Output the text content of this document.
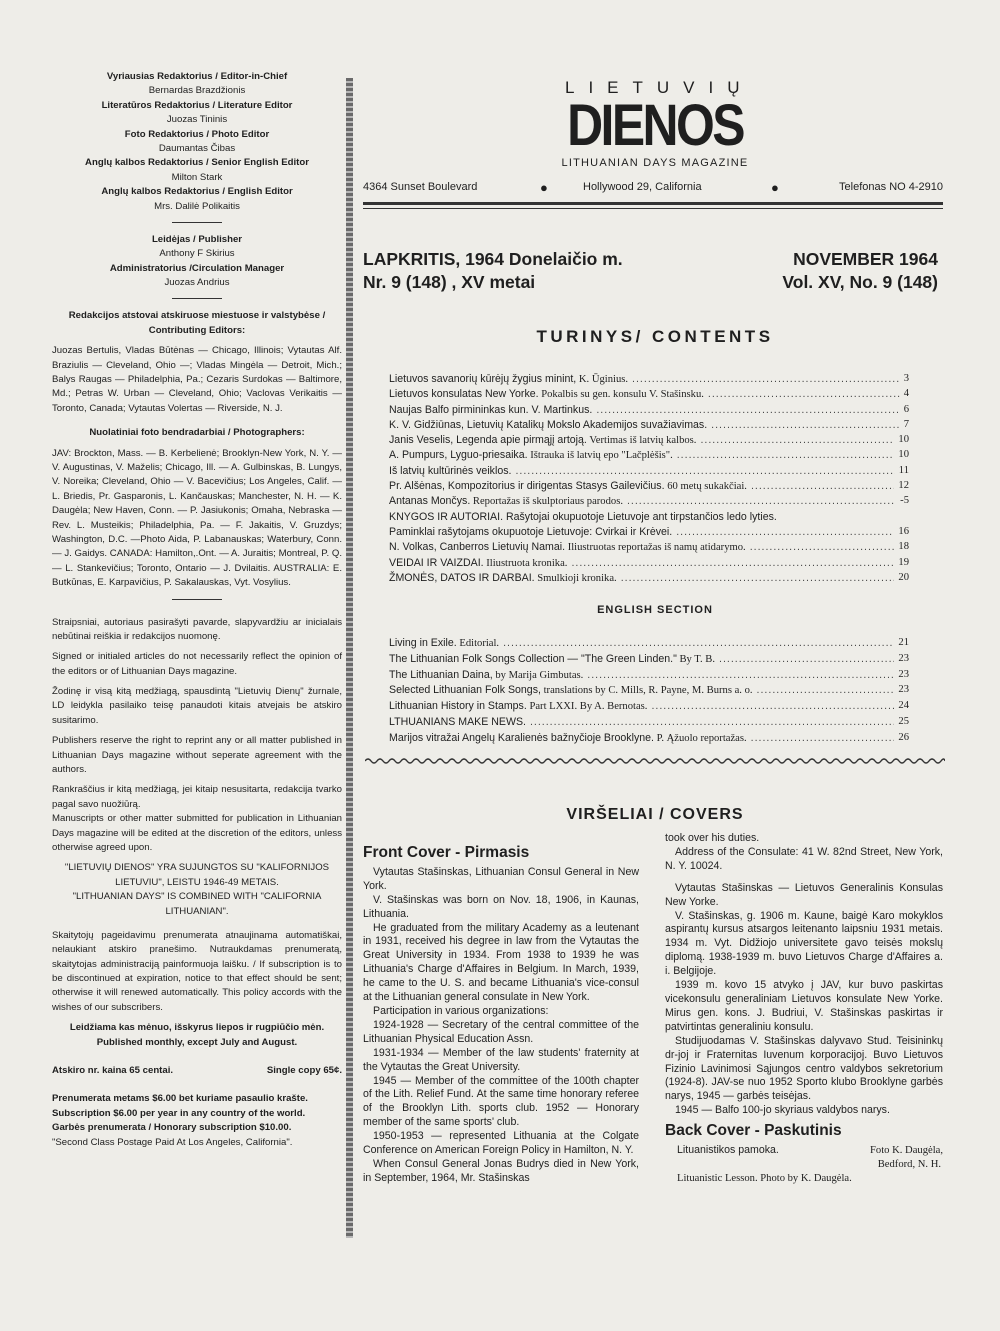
Vyriausias Redaktorius / Editor-in-Chief

Bernardas Brazdžionis

Literatūros Redaktorius / Literature Editor

Juozas Tininis

Foto Redaktorius / Photo Editor

Daumantas Čibas

Anglų kalbos Redaktorius / Senior English Editor

Milton Stark

Anglų kalbos Redaktorius / English Editor

Mrs. Dalilė Polikaitis

Leidėjas / Publisher

Anthony F Skirius

Administratorius /Circulation Manager

Juozas Andrius

Redakcijos atstovai atskiruose miestuose ir valstybėse / Contributing Editors:

Juozas Bertulis, Vladas Būtėnas — Chicago, Illinois; Vytautas Alf. Braziulis — Cleveland, Ohio —; Vladas Mingėla — Detroit, Mich.; Balys Raugas — Philadelphia, Pa.; Cezaris Surdokas — Baltimore, Md.; Petras W. Urban — Cleveland, Ohio; Vaclovas Verikaitis — Toronto, Canada; Vytautas Volertas — Riverside, N. J.

Nuolatiniai foto bendradarbiai / Photographers:

JAV: Brockton, Mass. — B. Kerbelienė; Brooklyn-New York, N. Y. — V. Augustinas, V. Maželis; Chicago, Ill. — A. Gulbinskas, B. Lungys, V. Noreika; Cleveland, Ohio — V. Bacevičius; Los Angeles, Calif. — L. Briedis, Pr. Gasparonis, L. Kančauskas; Manchester, N. H. — K. Daugėla; New Haven, Conn. — P. Jasiukonis; Omaha, Nebraska — Rev. L. Musteikis; Philadelphia, Pa. — F. Jakaitis, V. Gruzdys; Washington, D.C. —Photo Aida, P. Labanauskas; Waterbury, Conn. — J. Gaidys. CANADA: Hamilton,.Ont. — A. Juraitis; Montreal, P. Q. — L. Stankevičius; Toronto, Ontario — J. Dvilaitis. AUSTRALIA: E. Butkūnas, E. Karpavičius, P. Sakalauskas, Vyt. Vosylius.

Straipsniai, autoriaus pasirašyti pavarde, slapyvardžiu ar inicialais nebūtinai reiškia ir redakcijos nuomonę.

Signed or initialed articles do not necessarily reflect the opinion of the editors or of Lithuanian Days magazine.

Žodinę ir visą kitą medžiagą, spausdintą "Lietuvių Dienų" žurnale, LD leidykla pasilaiko teisę panaudoti kitais atvejais be atskiro susitarimo.

Publishers reserve the right to reprint any or all matter published in Lithuanian Days magazine without seperate agreement with the authors.

Rankraščius ir kitą medžiagą, jei kitaip nesusitarta, redakcija tvarko pagal savo nuožiūrą.

Manuscripts or other matter submitted for publication in Lithuanian Days magazine will be edited at the discretion of the editors, unless otherwise agreed upon.

"LIETUVIŲ DIENOS" YRA SUJUNGTOS SU "KALIFORNIJOS LIETUVIU", LEISTU 1946-49 METAIS.

"LITHUANIAN DAYS" IS COMBINED WITH "CALIFORNIA LITHUANIAN".

Skaitytojų pageidavimu prenumerata atnaujinama automatiškai, nelaukiant atskiro pranešimo. Nutraukdamas prenumeratą, skaitytojas administraciją painformuoja laišku. / If subscription is to be discontinued at expiration, notice to that effect should be sent; otherwise it will renewed automatically. This policy accords with the wishes of our subscribers.

Leidžiama kas mėnuo, išskyrus liepos ir rugpiūčio mėn.

Published monthly, except July and August.

Atskiro nr. kaina 65 centai.	Single copy 65¢.

Prenumerata metams $6.00 bet kuriame pasaulio krašte.

Subscription $6.00 per year in any country of the world.

Garbės prenumerata / Honorary subscription $10.00.

"Second Class Postage Paid At Los Angeles, California".

LIETUVIŲ
DIENOS
LITHUANIAN DAYS MAGAZINE
4364 Sunset Boulevard	●	Hollywood 29, California	●	Telefonas NO 4-2910
LAPKRITIS, 1964 Donelaičio m.
Nr. 9 (148) , XV metai
NOVEMBER 1964
Vol. XV, No. 9 (148)
TURINYS/ CONTENTS
Lietuvos savanorių kūrėjų žygius minint, K. Ūginius. .....	3
Lietuvos konsulatas New Yorke. Pokalbis su gen. konsulu V. Stašinsku. .....	4
Naujas Balfo pirmininkas kun. V. Martinkus. .....	6
K. V. Gidžiūnas, Lietuvių Katalikų Mokslo Akademijos suvažiavimas. .....	7
Janis Veselis, Legenda apie pirmąjį artoją. Vertimas iš latvių kalbos. .....	10
A. Pumpurs, Lyguo-priesaika. Ištrauka iš latvių epo "Lačplėšis". .....	10
Iš latvių kultūrinės veiklos. .....	11
Pr. Alšėnas, Kompozitorius ir dirigentas Stasys Gailevičius. 60 metų sukakčiai. .....	12
Antanas Mončys. Reportažas iš skulptoriaus parodos. .....	-5
KNYGOS IR AUTORIAI. Rašytojai okupuotoje Lietuvoje ant tirpstančios ledo lyties.
Paminklai rašytojams okupuotoje Lietuvoje: Cvirkai ir Krėvei. .....	16
N. Volkas, Canberros Lietuvių Namai. Iliustruotas reportažas iš namų atidarymo. .....	18
VEIDAI IR VAIZDAI. Iliustruota kronika. .....	19
ŽMONĖS, DATOS IR DARBAI. Smulkioji kronika. .....	20
ENGLISH SECTION
Living in Exile. Editorial. .....	21
The Lithuanian Folk Songs Collection — "The Green Linden." By T. B. .....	23
The Lithuanian Daina, by Marija Gimbutas. .....	23
Selected Lithuanian Folk Songs, translations by C. Mills, R. Payne, M. Burns a. o. .....	23
Lithuanian History in Stamps. Part LXXI. By A. Bernotas. .....	24
LTHUANIANS MAKE NEWS. .....	25
Marijos vitražai Angelų Karalienės bažnyčioje Brooklyne. P. Ąžuolo reportažas. .....	26
VIRŠELIAI / COVERS
Front Cover - Pirmasis

Vytautas Stašinskas, Lithuanian Consul General in New York.

V. Stašinskas was born on Nov. 18, 1906, in Kaunas, Lithuania.

He graduated from the military Academy as a leutenant in 1931, received his degree in law from the Vytautas the Great University in 1934. From 1938 to 1939 he was Lithuania's Charge d'Affaires in Belgium. In March, 1939, he came to the U. S. and became Lithuania's vice-consul at the Lithuanian general consulate in New York.

Participation in various organizations:

1924-1928 — Secretary of the central committee of the Lithuanian Physical Education Assn.

1931-1934 — Member of the law students' fraternity at the Vytautas the Great University.

1945 — Member of the committee of the 100th chapter of the Lith. Relief Fund. At the same time honorary referee of the Brooklyn Lith. sports club. 1952 — Honorary member of the same sports' club.

1950-1953 — represented Lithuania at the Colgate Conference on American Foreign Policy in Hamilton, N. Y.

When Consul General Jonas Budrys died in New York, in September, 1964, Mr. Stašinskas

took over his duties.

Address of the Consulate: 41 W. 82nd Street, New York, N. Y. 10024.

Vytautas Stašinskas — Lietuvos Generalinis Konsulas New Yorke.

V. Stašinskas, g. 1906 m. Kaune, baigė Karo mokyklos aspirantų kursus atsargos leitenanto laipsniu 1931 metais. 1934 m. Vyt. Didžiojo universitete gavo teisės mokslų diplomą. 1938-1939 m. buvo Lietuvos Charge d'Affaires a. i. Belgijoje.

1939 m. kovo 15 atvyko į JAV, kur buvo paskirtas vicekonsulu generaliniam Lietuvos konsulate New Yorke. Mirus gen. kons. J. Budriui, V. Stašinskas paskirtas ir patvirtintas generaliniu konsulu.

Studijuodamas V. Stašinskas dalyvavo Stud. Teisininkų dr-joj ir Fraternitas Iuvenum korporacijoj. Buvo Lietuvos Fizinio Lavinimosi Sąjungos centro valdybos sekretorium (1924-8). JAV-se nuo 1952 Sporto klubo Brooklyne garbės narys, 1945 — garbės teisėjas.

1945 — Balfo 100-jo skyriaus valdybos narys.

Back Cover - Paskutinis
Lituanistikos pamoka.	Foto K. Daugėla,
Bedford, N. H.
Lituanistic Lesson. Photo by K. Daugėla.
